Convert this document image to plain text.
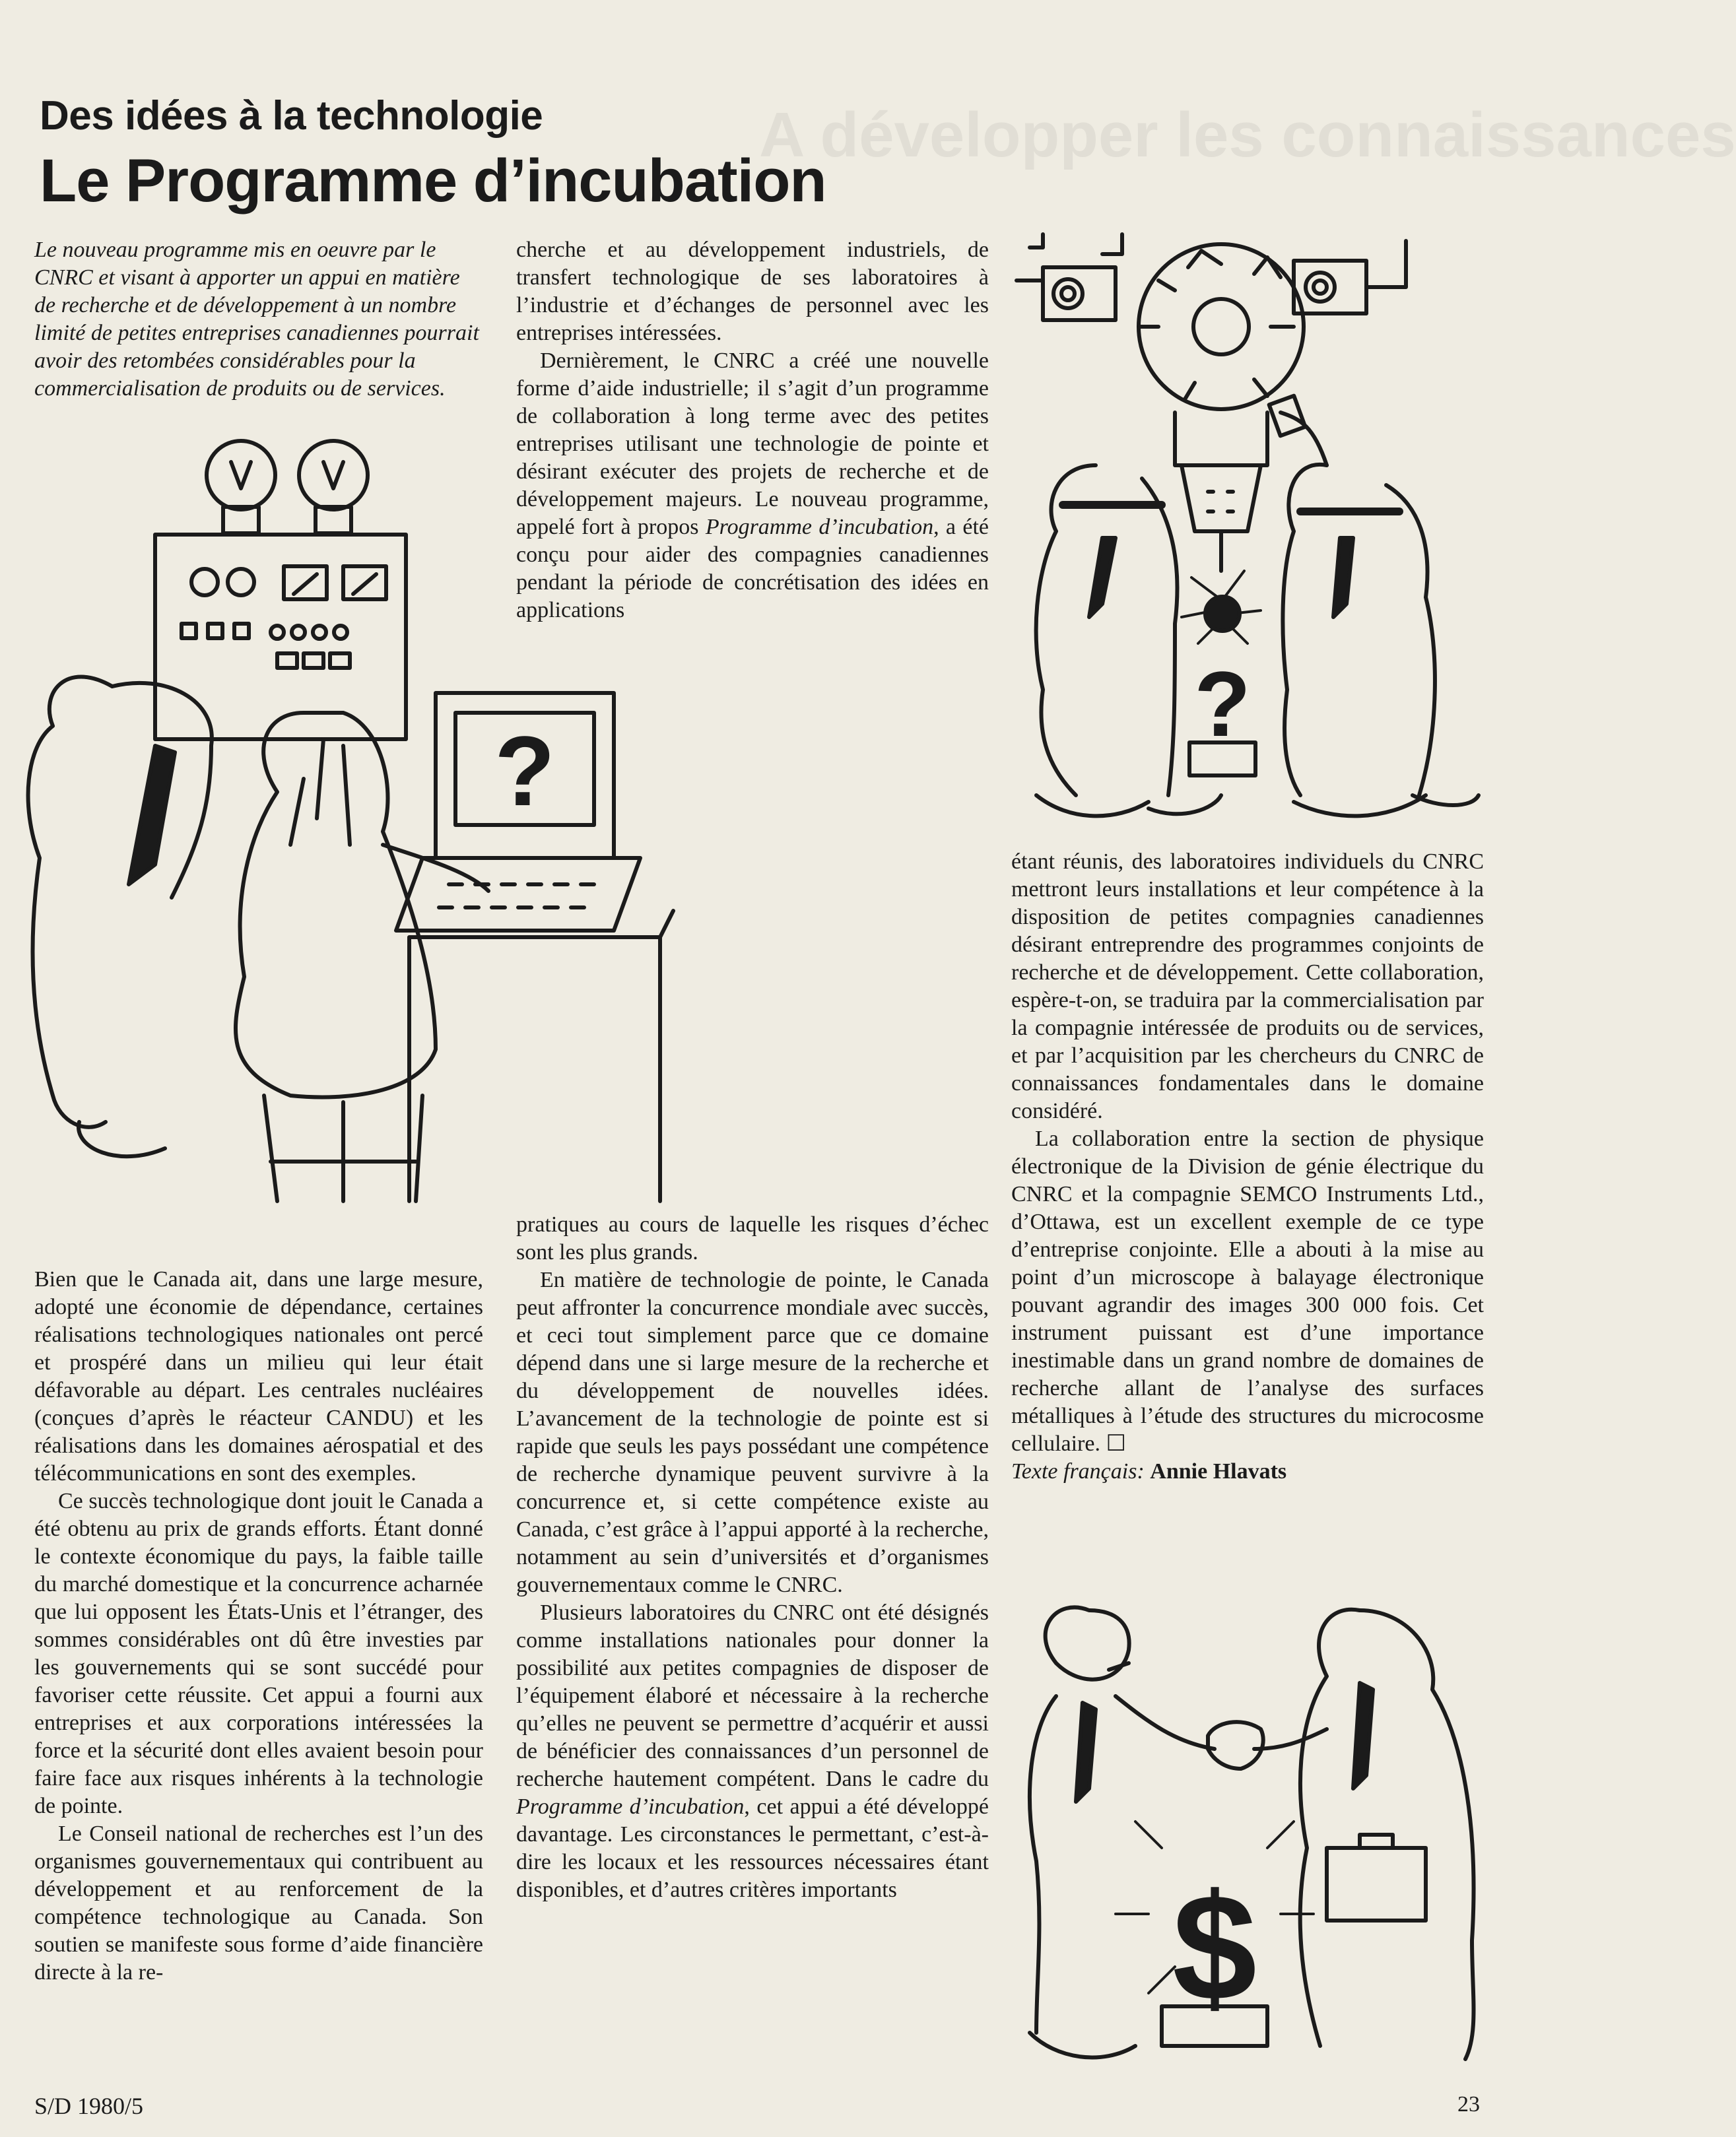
A développer les connaissances
Des idées à la technologie
Le Programme d’incubation
Le nouveau programme mis en oeuvre par le CNRC et visant à apporter un appui en matière de recherche et de développement à un nombre limité de petites entreprises canadiennes pourrait avoir des retombées considérables pour la commercialisation de produits ou de services.

Bien que le Canada ait, dans une large mesure, adopté une économie de dépendance, certaines réalisations technologiques nationales ont percé et prospéré dans un milieu qui leur était défavorable au départ. Les centrales nucléaires (conçues d’après le réacteur CANDU) et les réalisations dans les domaines aérospatial et des télécommunications en sont des exemples.

Ce succès technologique dont jouit le Canada a été obtenu au prix de grands efforts. Étant donné le contexte économique du pays, la faible taille du marché domestique et la concurrence acharnée que lui opposent les États-Unis et l’étranger, des sommes considérables ont dû être investies par les gouvernements qui se sont succédé pour favoriser cette réussite. Cet appui a fourni aux entreprises et aux corporations intéressées la force et la sécurité dont elles avaient besoin pour faire face aux risques inhérents à la technologie de pointe.

Le Conseil national de recherches est l’un des organismes gouvernementaux qui contribuent au développement et au renforcement de la compétence technologique au Canada. Son soutien se manifeste sous forme d’aide financière directe à la re-

cherche et au développement industriels, de transfert technologique de ses laboratoires à l’industrie et d’échanges de personnel avec les entreprises intéressées.

Dernièrement, le CNRC a créé une nouvelle forme d’aide industrielle; il s’agit d’un programme de collaboration à long terme avec des petites entreprises utilisant une technologie de pointe et désirant exécuter des projets de recherche et de développement majeurs. Le nouveau programme, appelé fort à propos Programme d’incubation, a été conçu pour aider des compagnies canadiennes pendant la période de concrétisation des idées en applications

pratiques au cours de laquelle les risques d’échec sont les plus grands.

En matière de technologie de pointe, le Canada peut affronter la concurrence mondiale avec succès, et ceci tout simplement parce que ce domaine dépend dans une si large mesure de la recherche et du développement de nouvelles idées. L’avancement de la technologie de pointe est si rapide que seuls les pays possédant une compétence de recherche dynamique peuvent survivre à la concurrence et, si cette compétence existe au Canada, c’est grâce à l’appui apporté à la recherche, notamment au sein d’universités et d’organismes gouvernementaux comme le CNRC.

Plusieurs laboratoires du CNRC ont été désignés comme installations nationales pour donner la possibilité aux petites compagnies de disposer de l’équipement élaboré et nécessaire à la recherche qu’elles ne peuvent se permettre d’acquérir et aussi de bénéficier des connaissances d’un personnel de recherche hautement compétent. Dans le cadre du Programme d’incubation, cet appui a été développé davantage. Les circonstances le permettant, c’est-à-dire les locaux et les ressources nécessaires étant disponibles, et d’autres critères importants

étant réunis, des laboratoires individuels du CNRC mettront leurs installations et leur compétence à la disposition de petites compagnies canadiennes désirant entreprendre des programmes conjoints de recherche et de développement. Cette collaboration, espère-t-on, se traduira par la commercialisation par la compagnie intéressée de produits ou de services, et par l’acquisition par les chercheurs du CNRC de connaissances fondamentales dans le domaine considéré.

La collaboration entre la section de physique électronique de la Division de génie électrique du CNRC et la compagnie SEMCO Instruments Ltd., d’Ottawa, est un excellent exemple de ce type d’entreprise conjointe. Elle a abouti à la mise au point d’un microscope à balayage électronique pouvant agrandir des images 300 000 fois. Cet instrument puissant est d’une importance inestimable dans un grand nombre de domaines de recherche allant de l’analyse des surfaces métalliques à l’étude des structures du microcosme cellulaire. ☐

Texte français: Annie Hlavats

?
?
$
S/D 1980/5	23
